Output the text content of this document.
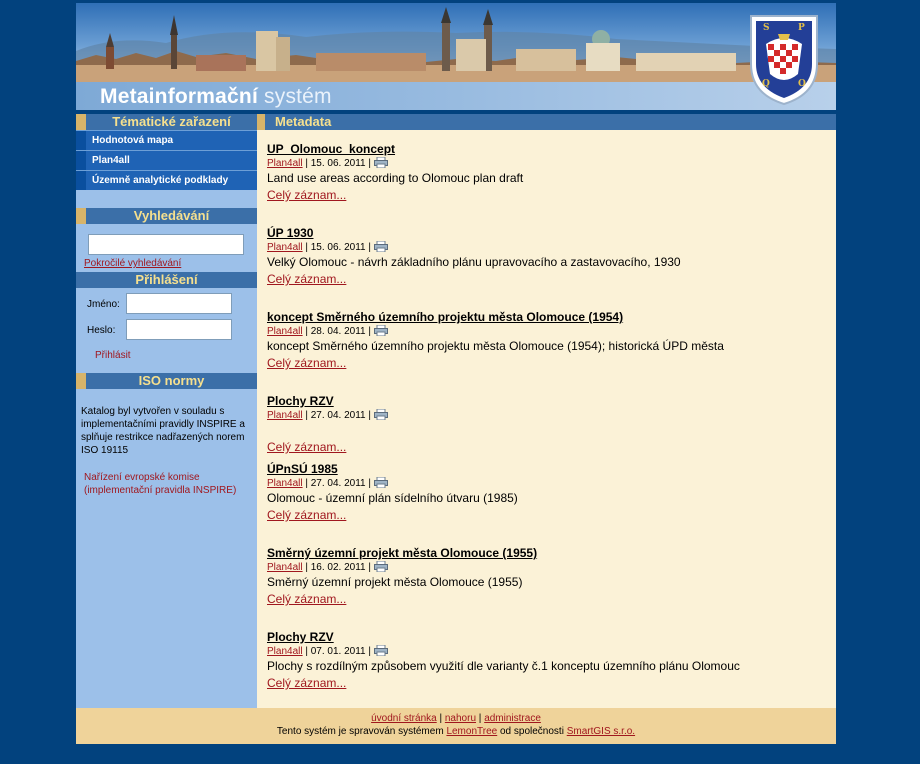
Metainformační systém
S	P
Q	O
Tématické zařazení
Hodnotová mapa
Plan4all
Územně analytické podklady
Vyhledávání
Pokročilé vyhledávání
Přihlášení
Jméno:
Heslo:
Přihlásit
ISO normy
Katalog byl vytvořen v souladu s implementačními pravidly INSPIRE a splňuje restrikce nadřazených norem ISO 19115
Nařízení evropské komise (implementační pravidla INSPIRE)
Metadata
UP_Olomouc_koncept
Plan4all | 15. 06. 2011 |
Land use areas according to Olomouc plan draft
Celý záznam...
ÚP 1930
Plan4all | 15. 06. 2011 |
Velký Olomouc - návrh základního plánu upravovacího a zastavovacího, 1930
Celý záznam...
koncept Směrného územního projektu města Olomouce (1954)
Plan4all | 28. 04. 2011 |
koncept Směrného územního projektu města Olomouce (1954); historická ÚPD města
Celý záznam...
Plochy RZV
Plan4all | 27. 04. 2011 |
Celý záznam...
ÚPnSÚ 1985
Plan4all | 27. 04. 2011 |
Olomouc - územní plán sídelního útvaru (1985)
Celý záznam...
Směrný územní projekt města Olomouce (1955)
Plan4all | 16. 02. 2011 |
Směrný územní projekt města Olomouce (1955)
Celý záznam...
Plochy RZV
Plan4all | 07. 01. 2011 |
Plochy s rozdílným způsobem využití dle varianty č.1 konceptu územního plánu Olomouc
Celý záznam...
úvodní stránka | nahoru | administrace
Tento systém je spravován systémem LemonTree od společnosti SmartGIS s.r.o.
